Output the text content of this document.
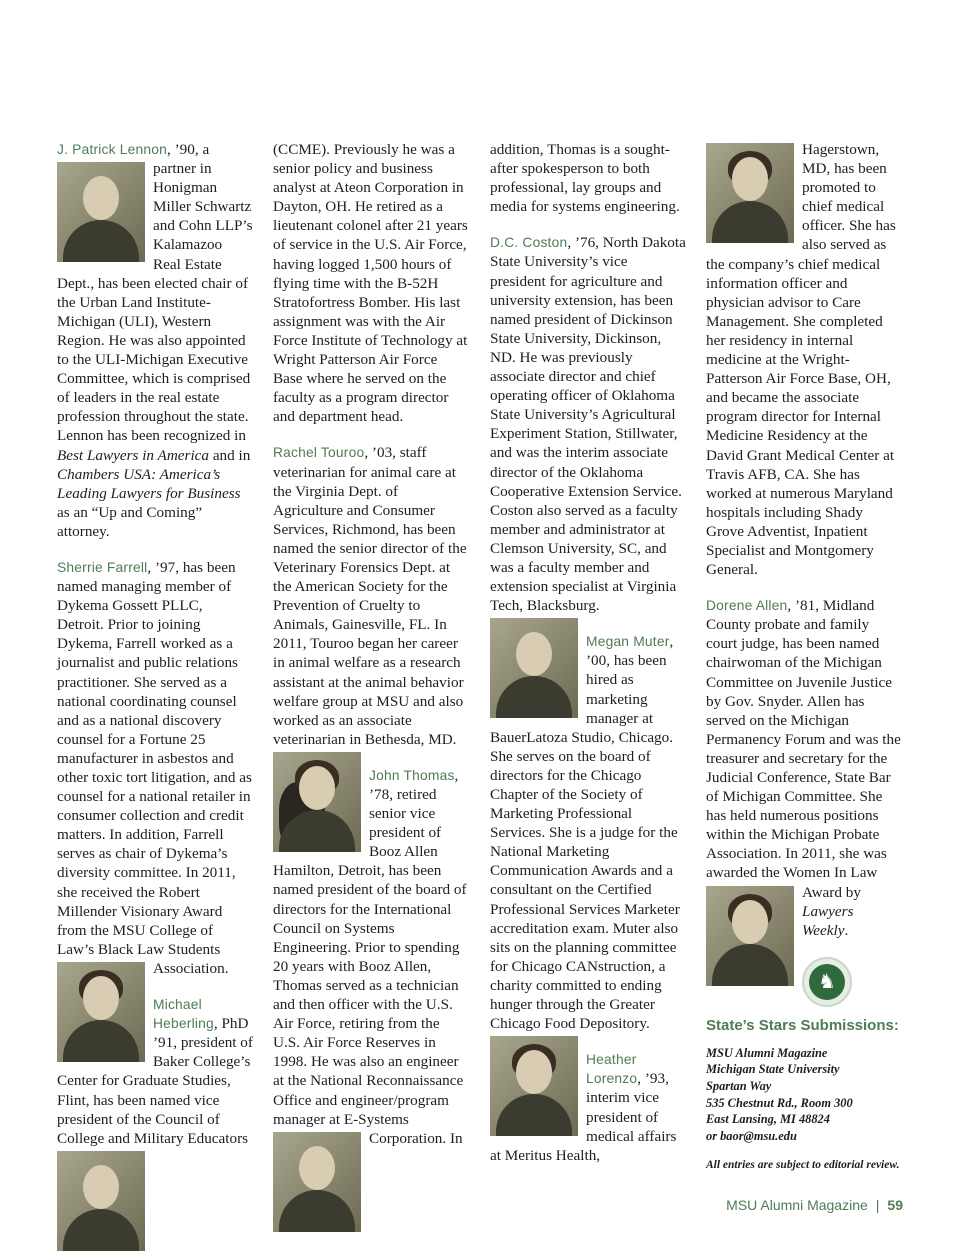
J. Patrick Lennon
, ’90, a partner in Honigman Miller Schwartz and Cohn LLP’s Kalamazoo Real Estate Dept., has been elected chair of the Urban Land Institute-Michigan (ULI), Western Region. He was also appointed to the ULI-Michigan Executive Committee, which is comprised of leaders in the real estate profession throughout the state. Lennon has been recognized in Best Lawyers in America and in Chambers USA: America’s Leading Lawyers for Business as an “Up and Coming” attorney.
Sherrie Farrell, ’97, has been named managing member of Dykema Gossett PLLC, Detroit. Prior to joining Dykema, Farrell worked as a journalist and public relations practitioner. She served as a national coordinating counsel and as a national discovery counsel for a Fortune 25 manufacturer in asbestos and other toxic tort litigation, and as counsel for a national retailer in consumer collection and credit matters. In addition, Farrell serves as chair of Dykema’s diversity committee. In 2011, she received the Robert Millender Visionary Award from the MSU College of Law’s Black Law Students Association.
Michael Heberling, PhD ’91, president of Baker College’s Center for Graduate Studies, Flint, has been named vice president of the Council of College and Military Educators
(CCME). Previously he was a senior policy and business analyst at Ateon Corporation in Dayton, OH. He retired as a lieutenant colonel after 21 years of service in the U.S. Air Force, having logged 1,500 hours of flying time with the B-52H Stratofortress Bomber. His last assignment was with the Air Force Institute of Technology at Wright Patterson Air Force Base where he served on the faculty as a program director and department head.
Rachel Touroo, ’03, staff veterinarian for animal care at the Virginia Dept. of Agriculture and Consumer Services, Richmond, has been named the senior director of the Veterinary Forensics Dept. at the American Society for the Prevention of Cruelty to Animals, Gainesville, FL. In 2011, Touroo began her career in animal welfare as a research assistant at the animal behavior welfare group at MSU and also worked as an associate veterinarian in Bethesda, MD.
John Thomas, ’78, retired senior vice president of Booz Allen Hamilton, Detroit, has been named president of the board of directors for the International Council on Systems Engineering. Prior to spending 20 years with Booz Allen, Thomas served as a technician and then officer with the U.S. Air Force, retiring from the U.S. Air Force Reserves in 1998. He was also an engineer at the National Reconnaissance Office and engineer/program manager at E-Systems Corporation. In
addition, Thomas is a sought-after spokesperson to both professional, lay groups and media for systems engineering.
D.C. Coston, ’76, North Dakota State University’s vice president for agriculture and university extension, has been named president of Dickinson State University, Dickinson, ND. He was previously associate director and chief operating officer of Oklahoma State University’s Agricultural Experiment Station, Stillwater, and was the interim associate director of the Oklahoma Cooperative Extension Service. Coston also served as a faculty member and administrator at Clemson University, SC, and was a faculty member and extension specialist at Virginia Tech, Blacksburg.
Megan Muter, ’00, has been hired as marketing manager at BauerLatoza Studio, Chicago. She serves on the board of directors for the Chicago Chapter of the Society of Marketing Professional Services. She is a judge for the National Marketing Communication Awards and a consultant on the Certified Professional Services Marketer accreditation exam. Muter also sits on the planning committee for Chicago CANstruction, a charity committed to ending hunger through the Greater Chicago Food Depository.
Heather Lorenzo, ’93, interim vice president of medical affairs at Meritus Health,
Hagerstown, MD, has been promoted to chief medical officer. She has also served as the company’s chief medical information officer and physician advisor to Care Management. She completed her residency in internal medicine at the Wright-Patterson Air Force Base, OH, and became the associate program director for Internal Medicine Residency at the David Grant Medical Center at Travis AFB, CA. She has worked at numerous Maryland hospitals including Shady Grove Adventist, Inpatient Specialist and Montgomery General.
Dorene Allen, ’81, Midland County probate and family court judge, has been named chairwoman of the Michigan Committee on Juvenile Justice by Gov. Snyder. Allen has served on the Michigan Permanency Forum and was the treasurer and secretary for the Judicial Conference, State Bar of Michigan Committee. She has held numerous positions within the Michigan Probate Association. In 2011, she was awarded the Women In Law Award by
Lawyers Weekly.
♞
State’s Stars Submissions:
MSU Alumni Magazine
Michigan State University
Spartan Way
535 Chestnut Rd., Room 300
East Lansing, MI 48824
or baor@msu.edu
All entries are subject to editorial review.
MSU Alumni Magazine | 59
